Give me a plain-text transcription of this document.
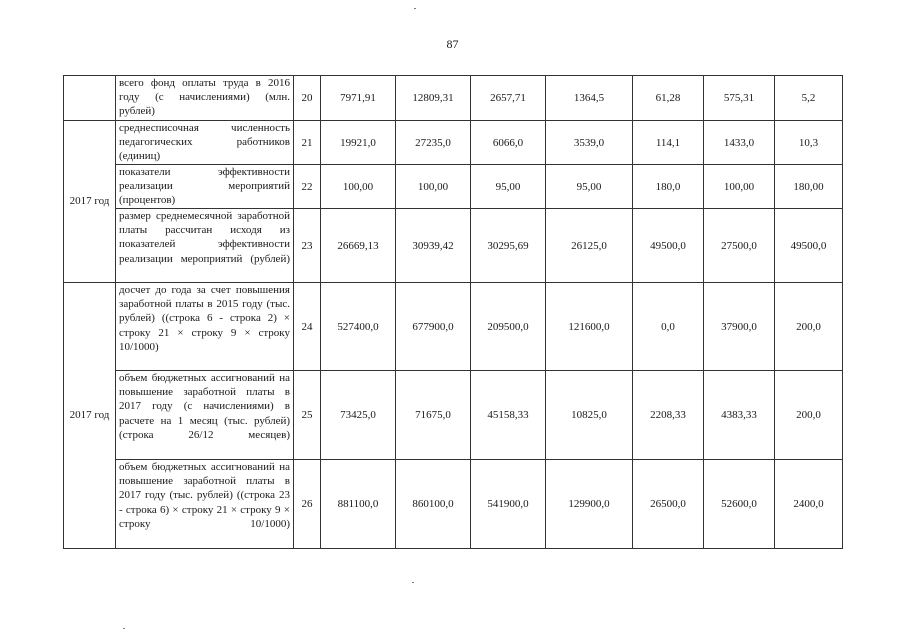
87
	всего фонд оплаты труда в 2016 году (с начислениями) (млн. рублей)	20	7971,91	12809,31	2657,71	1364,5	61,28	575,31	5,2
2017 год	среднесписочная численность педагогических работников (единиц)	21	19921,0	27235,0	6066,0	3539,0	114,1	1433,0	10,3
	показатели эффективности реализации мероприятий (процентов)	22	100,00	100,00	95,00	95,00	180,0	100,00	180,00
	размер среднемесячной заработной платы рассчитан исходя из показателей эффективности реализации мероприятий (рублей)	23	26669,13	30939,42	30295,69	26125,0	49500,0	27500,0	49500,0
2017 год	досчет до года за счет повышения заработной платы в 2015 году (тыс. рублей) ((строка 6 - строка 2) × строку 21 × строку 9 × строку 10/1000)	24	527400,0	677900,0	209500,0	121600,0	0,0	37900,0	200,0
	объем бюджетных ассигнований на повышение заработной платы в 2017 году (с начислениями) в расчете на 1 месяц (тыс. рублей) (строка 26/12 месяцев)	25	73425,0	71675,0	45158,33	10825,0	2208,33	4383,33	200,0
	объем бюджетных ассигнований на повышение заработной платы в 2017 году (тыс. рублей) ((строка 23 - строка 6) × строку 21 × строку 9 × строку 10/1000)	26	881100,0	860100,0	541900,0	129900,0	26500,0	52600,0	2400,0
